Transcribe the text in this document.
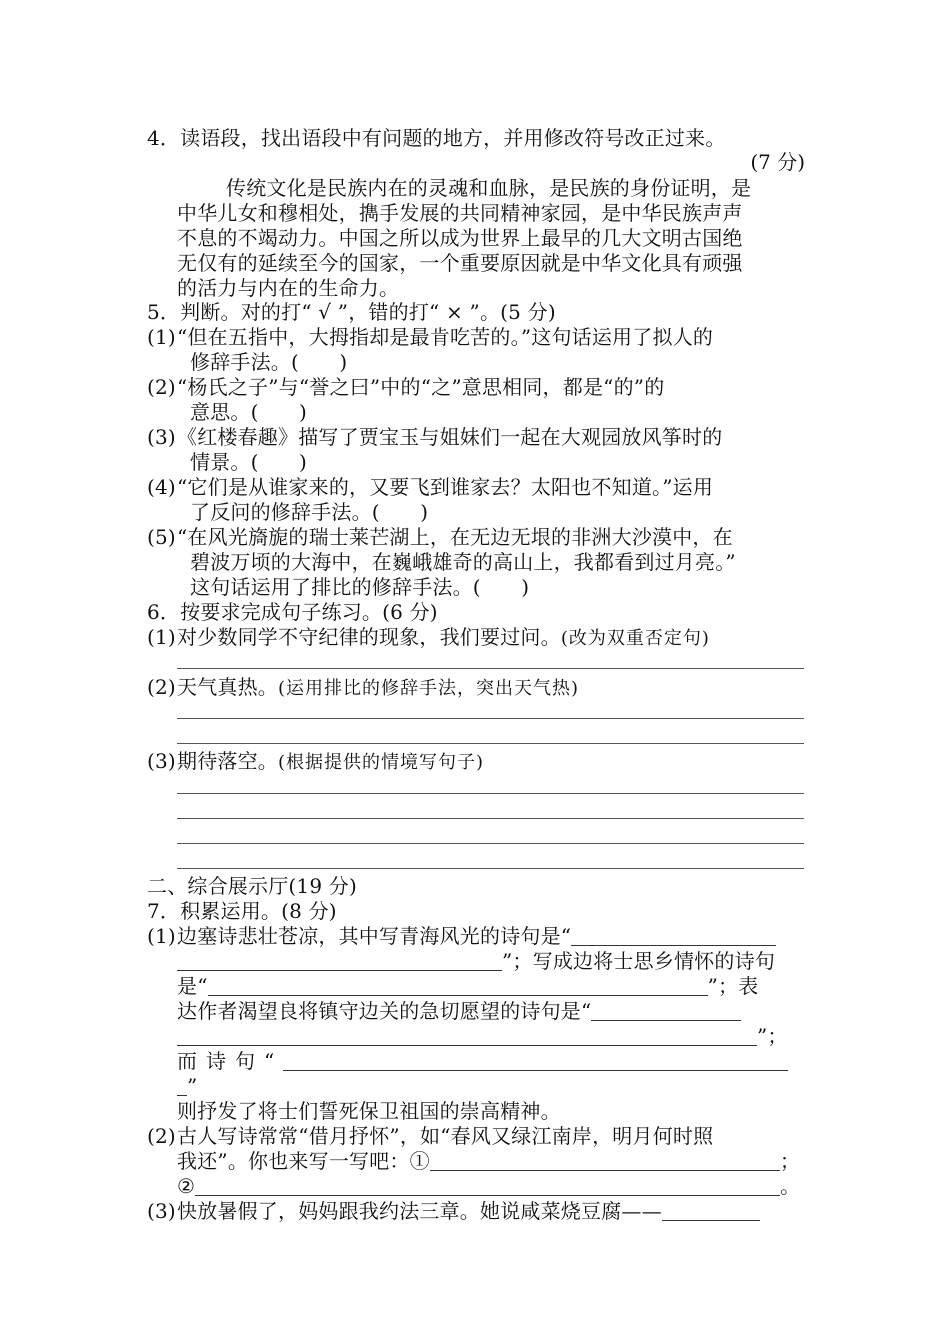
4．读语段，找出语段中有问题的地方，并用修改符号改正过来。
(7 分)
传统文化是民族内在的灵魂和血脉，是民族的身份证明，是
中华儿女和穆相处，擕手发展的共同精神家园，是中华民族声声
不息的不竭动力。中国之所以成为世界上最早的几大文明古国绝
无仅有的延续至今的国家，一个重要原因就是中华文化具有顽强
的活力与内在的生命力。
5．判断。对的打“ √ ”，错的打“ × ”。(5 分)
(1) “但在五指中，大拇指却是最肯吃苦的。”这句话运用了拟人的
修辞手法。(　　)
(2) “杨氏之子”与“誉之曰”中的“之”意思相同，都是“的”的
意思。(　　)
(3) 《红楼春趣》描写了贾宝玉与姐妹们一起在大观园放风筝时的
情景。(　　)
(4) “它们是从谁家来的，又要飞到谁家去？太阳也不知道。”运用
了反问的修辞手法。(　　)
(5) “在风光旖旎的瑞士莱芒湖上，在无边无垠的非洲大沙漠中，在
碧波万顷的大海中，在巍峨雄奇的高山上，我都看到过月亮。”
这句话运用了排比的修辞手法。(　　)
6．按要求完成句子练习。(6 分)
(1) 对少数同学不守纪律的现象，我们要过问。(改为双重否定句)
(2) 天气真热。(运用排比的修辞手法，突出天气热)
(3) 期待落空。(根据提供的情境写句子)
二、综合展示厅(19 分)
7．积累运用。(8 分)
(1) 边塞诗悲壮苍凉，其中写青海风光的诗句是“
”；写成边将士思乡情怀的诗句
是“	”；表
达作者渴望良将镇守边关的急切愿望的诗句是“
”；
而诗句“
”
则抒发了将士们誓死保卫祖国的崇高精神。
(2) 古人写诗常常“借月抒怀”，如“春风又绿江南岸，明月何时照
我还”。你也来写一写吧：①	；
②	。
(3) 快放暑假了，妈妈跟我约法三章。她说咸菜烧豆腐——
